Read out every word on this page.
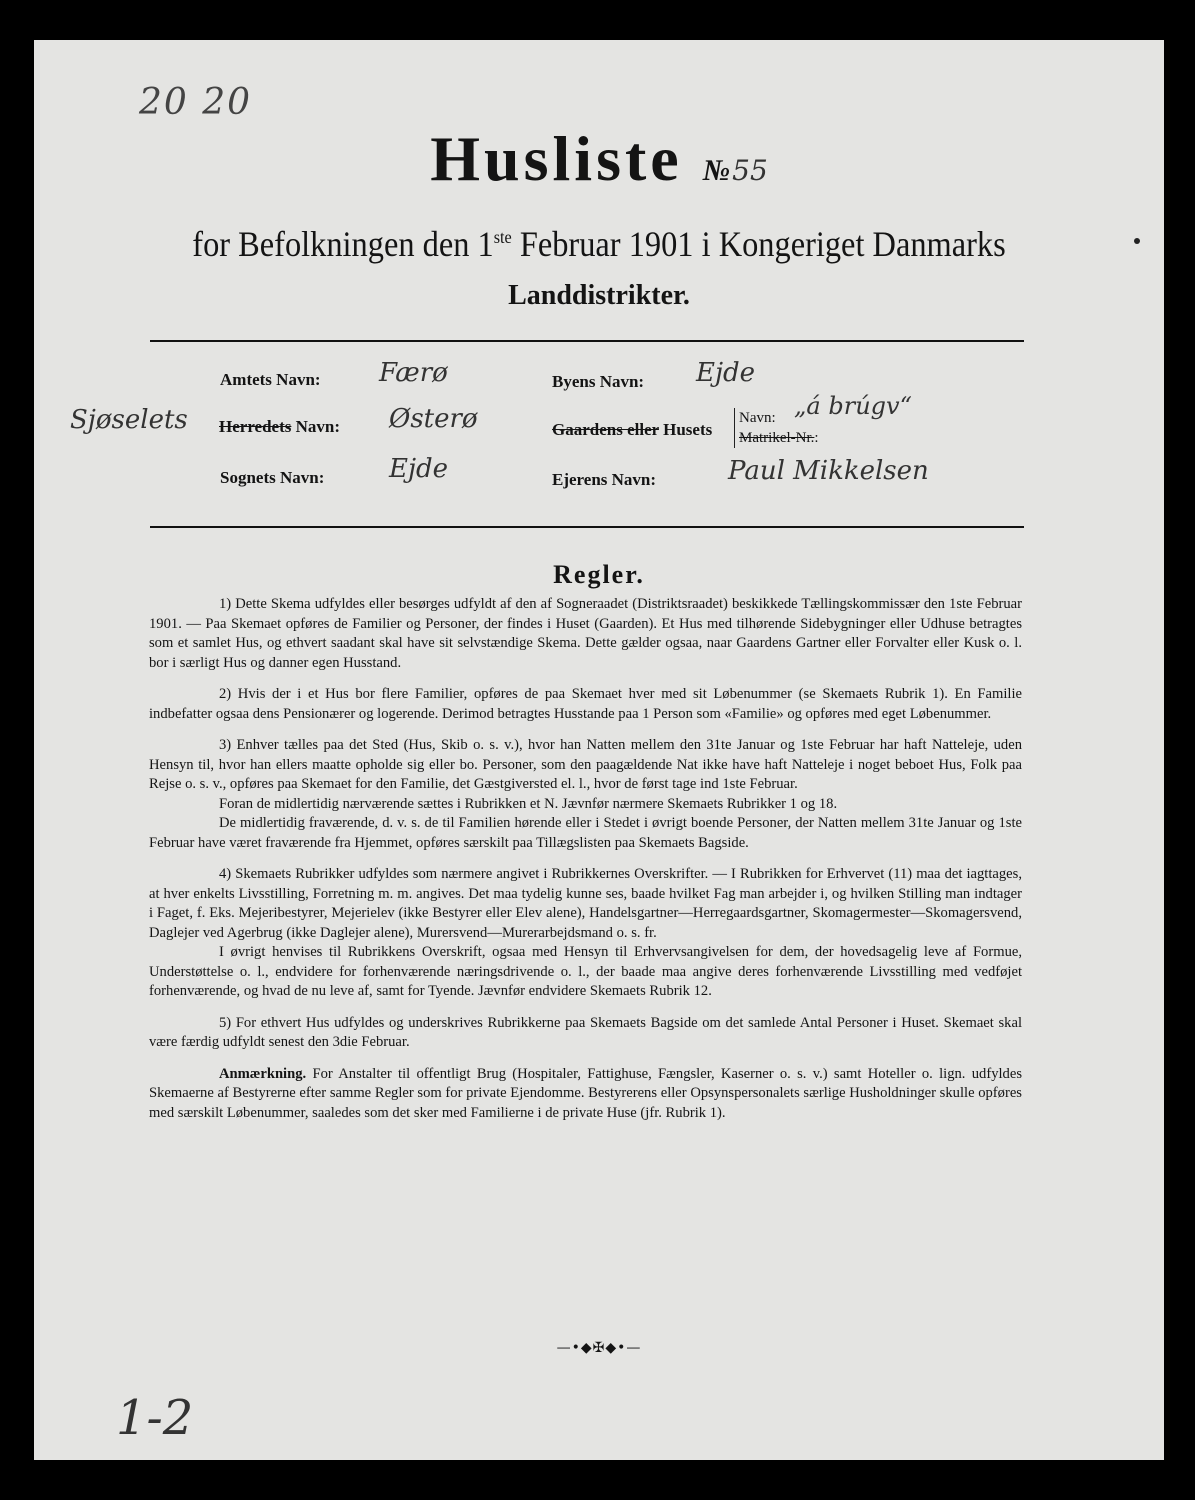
20 20
Husliste №55
for Befolkningen den 1ste Februar 1901 i Kongeriget Danmarks
Landdistrikter.
Sjøselets
Amtets Navn: Færø
Herredets Navn: Østerø
Sognets Navn: Ejde
Byens Navn: Ejde
Gaardens eller Husets
Navn:
Matrikel-Nr.:
„á brúgv“
Ejerens Navn:	Paul Mikkelsen
Regler.

1) Dette Skema udfyldes eller besørges udfyldt af den af Sogneraadet (Distriktsraadet) beskikkede Tællingskommissær den 1ste Februar 1901. — Paa Skemaet opføres de Familier og Personer, der findes i Huset (Gaarden). Et Hus med tilhørende Sidebygninger eller Udhuse betragtes som et samlet Hus, og ethvert saadant skal have sit selvstændige Skema. Dette gælder ogsaa, naar Gaardens Gartner eller Forvalter eller Kusk o. l. bor i særligt Hus og danner egen Husstand.

2) Hvis der i et Hus bor flere Familier, opføres de paa Skemaet hver med sit Løbenummer (se Skemaets Rubrik 1). En Familie indbefatter ogsaa dens Pensionærer og logerende. Derimod betragtes Husstande paa 1 Person som «Familie» og opføres med eget Løbenummer.

3) Enhver tælles paa det Sted (Hus, Skib o. s. v.), hvor han Natten mellem den 31te Januar og 1ste Februar har haft Natteleje, uden Hensyn til, hvor han ellers maatte opholde sig eller bo. Personer, som den paagældende Nat ikke have haft Natteleje i noget beboet Hus, Folk paa Rejse o. s. v., opføres paa Skemaet for den Familie, det Gæstgiversted el. l., hvor de først tage ind 1ste Februar.

Foran de midlertidig nærværende sættes i Rubrikken et N. Jævnfør nærmere Skemaets Rubrikker 1 og 18.

De midlertidig fraværende, d. v. s. de til Familien hørende eller i Stedet i øvrigt boende Personer, der Natten mellem 31te Januar og 1ste Februar have været fraværende fra Hjemmet, opføres særskilt paa Tillægslisten paa Skemaets Bagside.

4) Skemaets Rubrikker udfyldes som nærmere angivet i Rubrikkernes Overskrifter. — I Rubrikken for Erhvervet (11) maa det iagttages, at hver enkelts Livsstilling, Forretning m. m. angives. Det maa tydelig kunne ses, baade hvilket Fag man arbejder i, og hvilken Stilling man indtager i Faget, f. Eks. Mejeribestyrer, Mejerielev (ikke Bestyrer eller Elev alene), Handelsgartner—Herregaardsgartner, Skomagermester—Skomagersvend, Daglejer ved Agerbrug (ikke Daglejer alene), Murersvend—Murerarbejdsmand o. s. fr.

I øvrigt henvises til Rubrikkens Overskrift, ogsaa med Hensyn til Erhvervsangivelsen for dem, der hovedsagelig leve af Formue, Understøttelse o. l., endvidere for forhenværende næringsdrivende o. l., der baade maa angive deres forhenværende Livsstilling med vedføjet forhenværende, og hvad de nu leve af, samt for Tyende. Jævnfør endvidere Skemaets Rubrik 12.

5) For ethvert Hus udfyldes og underskrives Rubrikkerne paa Skemaets Bagside om det samlede Antal Personer i Huset. Skemaet skal være færdig udfyldt senest den 3die Februar.

Anmærkning. For Anstalter til offentligt Brug (Hospitaler, Fattighuse, Fængsler, Kaserner o. s. v.) samt Hoteller o. lign. udfyldes Skemaerne af Bestyrerne efter samme Regler som for private Ejendomme. Bestyrerens eller Opsynspersonalets særlige Husholdninger skulle opføres med særskilt Løbenummer, saaledes som det sker med Familierne i de private Huse (jfr. Rubrik 1).

—•◆✠◆•—
1-2
